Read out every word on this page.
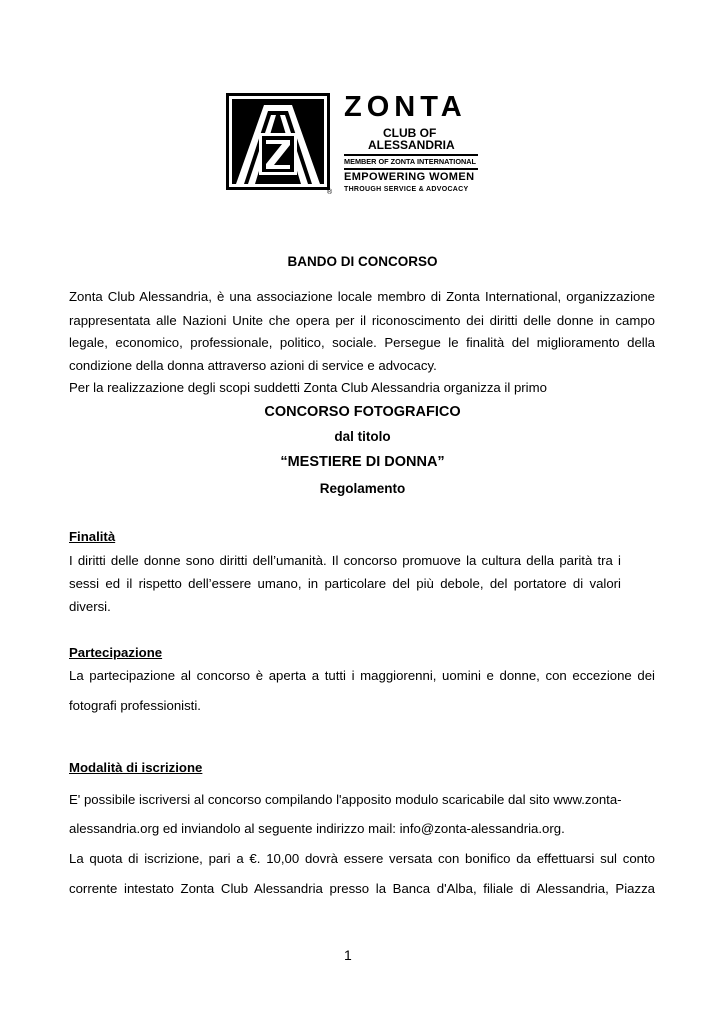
®
ZONTA
CLUB OF
ALESSANDRIA
MEMBER OF ZONTA INTERNATIONAL
EMPOWERING WOMEN
THROUGH SERVICE & ADVOCACY
BANDO DI CONCORSO
Zonta Club Alessandria, è una associazione locale membro di Zonta International, organizzazione
rappresentata alle Nazioni Unite che opera per il riconoscimento dei diritti delle donne in campo
legale, economico, professionale, politico, sociale. Persegue le finalità del miglioramento della
condizione della donna attraverso azioni di service e advocacy.
Per la realizzazione degli scopi suddetti Zonta Club Alessandria organizza il primo
CONCORSO FOTOGRAFICO
dal titolo
“MESTIERE DI DONNA”
Regolamento
Finalità
I diritti delle donne sono diritti dell’umanità. Il concorso promuove la cultura della parità tra i
sessi ed il rispetto dell’essere umano, in particolare del più debole, del portatore di valori
diversi.
Partecipazione
La partecipazione al concorso è aperta a tutti i maggiorenni, uomini e donne, con eccezione dei
fotografi professionisti.
Modalità di iscrizione
E' possibile iscriversi al concorso compilando l'apposito modulo scaricabile dal sito www.zonta-
alessandria.org ed inviandolo al seguente indirizzo mail: info@zonta-alessandria.org.
La quota di iscrizione, pari a €. 10,00 dovrà essere versata con bonifico da effettuarsi sul conto
corrente intestato Zonta Club Alessandria presso la Banca d'Alba, filiale di Alessandria, Piazza
1
